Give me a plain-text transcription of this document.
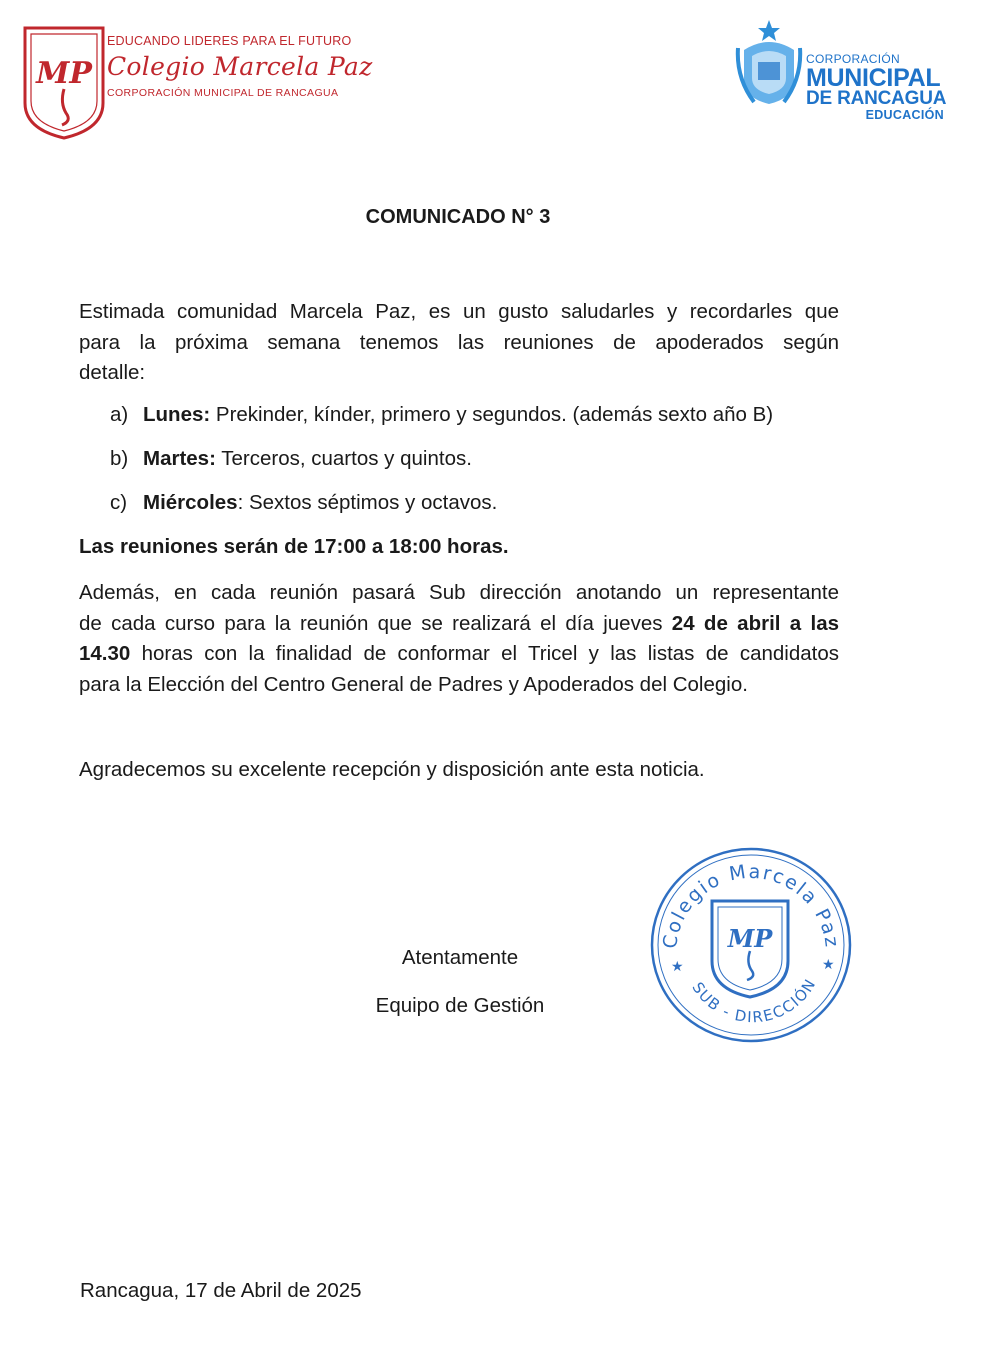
MP
EDUCANDO LIDERES PARA EL FUTURO
Colegio Marcela Paz
CORPORACIÓN MUNICIPAL DE RANCAGUA
CORPORACIÓN
MUNICIPAL
DE RANCAGUA
EDUCACIÓN
COMUNICADO N° 3
Estimada comunidad Marcela Paz, es un gusto saludarles y recordarles que
para la próxima semana tenemos las reuniones de apoderados según
detalle:
a) Lunes: Prekinder, kínder, primero y segundos. (además sexto año B)
b) Martes: Terceros, cuartos y quintos.
c) Miércoles: Sextos séptimos y octavos.
Las reuniones serán de 17:00 a 18:00 horas.
Además, en cada reunión pasará Sub dirección anotando un representante
de cada curso para la reunión que se realizará el día jueves 24 de abril a las
14.30 horas con la finalidad de conformar el Tricel y las listas de candidatos
para la Elección del Centro General de Padres y Apoderados del Colegio.
Agradecemos su excelente recepción y disposición ante esta noticia.
Atentamente
Equipo de Gestión
Colegio Marcela Paz
SUB - DIRECCIÓN
★	★
MP
Rancagua, 17 de Abril de 2025
